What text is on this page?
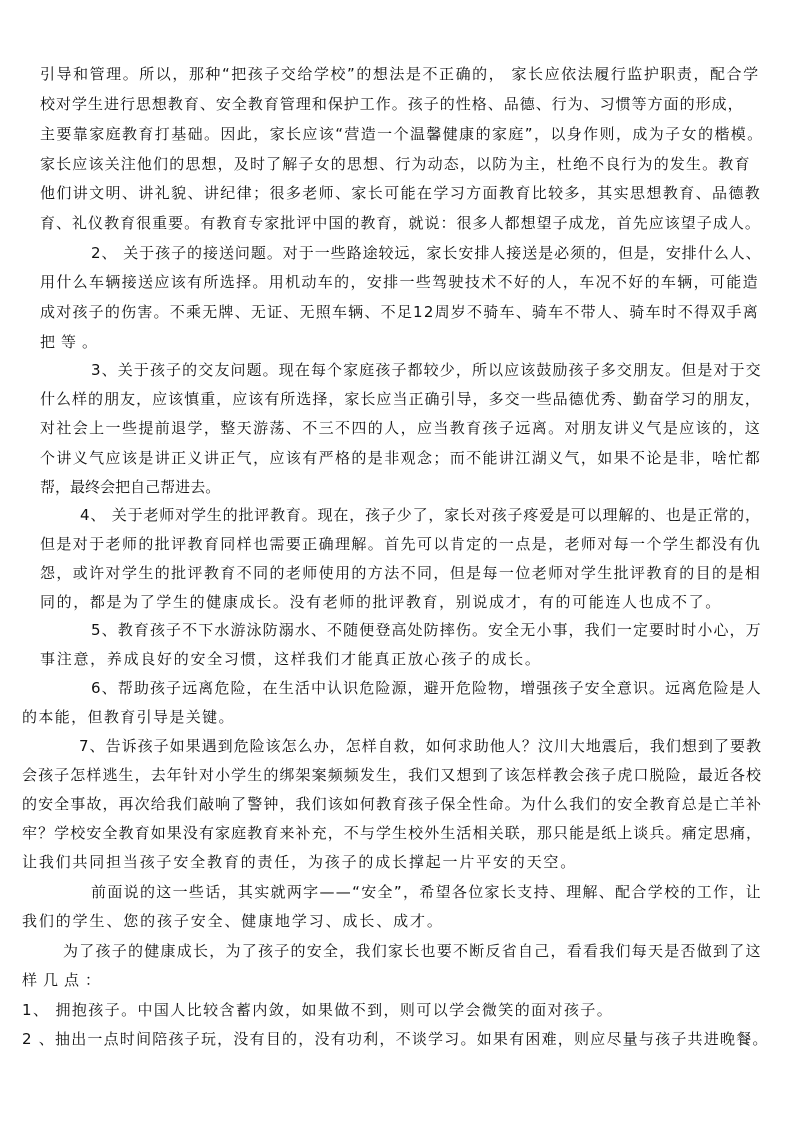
引导和管理。所以，那种“把孩子交给学校”的想法是不正确的， 家长应依法履行监护职责，配合学

校对学生进行思想教育、安全教育管理和保护工作。孩子的性格、品德、行为、习惯等方面的形成，

主要靠家庭教育打基础。因此，家长应该“营造一个温馨健康的家庭”，以身作则，成为子女的楷模。

家长应该关注他们的思想，及时了解子女的思想、行为动态，以防为主，杜绝不良行为的发生。教育

他们讲文明、讲礼貌、讲纪律；很多老师、家长可能在学习方面教育比较多，其实思想教育、品德教

育、礼仪教育很重要。有教育专家批评中国的教育，就说：很多人都想望子成龙，首先应该望子成人。

2、 关于孩子的接送问题。对于一些路途较远，家长安排人接送是必须的，但是，安排什么人、

用什么车辆接送应该有所选择。用机动车的，安排一些驾驶技术不好的人，车况不好的车辆，可能造

成对孩子的伤害。不乘无牌、无证、无照车辆、不足12周岁不骑车、骑车不带人、骑车时不得双手离

把等。

3、关于孩子的交友问题。现在每个家庭孩子都较少，所以应该鼓励孩子多交朋友。但是对于交

什么样的朋友，应该慎重，应该有所选择，家长应当正确引导，多交一些品德优秀、勤奋学习的朋友，

对社会上一些提前退学，整天游荡、不三不四的人，应当教育孩子远离。对朋友讲义气是应该的，这

个讲义气应该是讲正义讲正气，应该有严格的是非观念；而不能讲江湖义气，如果不论是非，啥忙都

帮，最终会把自己帮进去。

4、 关于老师对学生的批评教育。现在，孩子少了，家长对孩子疼爱是可以理解的、也是正常的，

但是对于老师的批评教育同样也需要正确理解。首先可以肯定的一点是，老师对每一个学生都没有仇

怨，或许对学生的批评教育不同的老师使用的方法不同，但是每一位老师对学生批评教育的目的是相

同的，都是为了学生的健康成长。没有老师的批评教育，别说成才，有的可能连人也成不了。

5、教育孩子不下水游泳防溺水、不随便登高处防摔伤。安全无小事，我们一定要时时小心，万

事注意，养成良好的安全习惯，这样我们才能真正放心孩子的成长。

6、帮助孩子远离危险，在生活中认识危险源，避开危险物，增强孩子安全意识。远离危险是人

的本能，但教育引导是关键。

7、告诉孩子如果遇到危险该怎么办，怎样自救，如何求助他人？汶川大地震后，我们想到了要教

会孩子怎样逃生，去年针对小学生的绑架案频频发生，我们又想到了该怎样教会孩子虎口脱险，最近各校

的安全事故，再次给我们敲响了警钟，我们该如何教育孩子保全性命。为什么我们的安全教育总是亡羊补

牢？学校安全教育如果没有家庭教育来补充，不与学生校外生活相关联，那只能是纸上谈兵。痛定思痛，

让我们共同担当孩子安全教育的责任，为孩子的成长撑起一片平安的天空。

前面说的这一些话，其实就两字——“安全”，希望各位家长支持、理解、配合学校的工作，让

我们的学生、您的孩子安全、健康地学习、成长、成才。

为了孩子的健康成长，为了孩子的安全，我们家长也要不断反省自己，看看我们每天是否做到了这

样几点：

1、 拥抱孩子。中国人比较含蓄内敛，如果做不到，则可以学会微笑的面对孩子。

2 、抽出一点时间陪孩子玩，没有目的，没有功利，不谈学习。如果有困难，则应尽量与孩子共进晚餐。
